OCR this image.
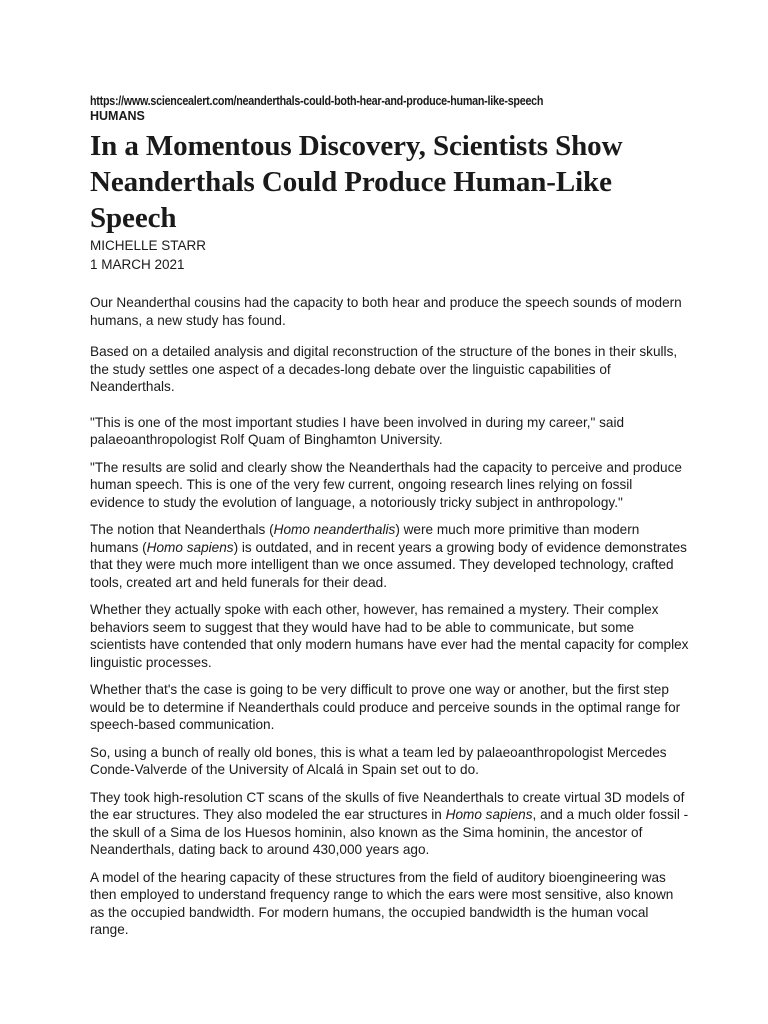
https://www.sciencealert.com/neanderthals-could-both-hear-and-produce-human-like-speech
HUMANS
In a Momentous Discovery, Scientists Show
Neanderthals Could Produce Human-Like
Speech
MICHELLE STARR
1 MARCH 2021

Our Neanderthal cousins had the capacity to both hear and produce the speech sounds of modern humans, a new study has found.

Based on a detailed analysis and digital reconstruction of the structure of the bones in their skulls, the study settles one aspect of a decades-long debate over the linguistic capabilities of Neanderthals.

"This is one of the most important studies I have been involved in during my career," said palaeoanthropologist Rolf Quam of Binghamton University.

"The results are solid and clearly show the Neanderthals had the capacity to perceive and produce human speech. This is one of the very few current, ongoing research lines relying on fossil evidence to study the evolution of language, a notoriously tricky subject in anthropology."

The notion that Neanderthals (Homo neanderthalis) were much more primitive than modern humans (Homo sapiens) is outdated, and in recent years a growing body of evidence demonstrates that they were much more intelligent than we once assumed. They developed technology, crafted tools, created art and held funerals for their dead.

Whether they actually spoke with each other, however, has remained a mystery. Their complex behaviors seem to suggest that they would have had to be able to communicate, but some scientists have contended that only modern humans have ever had the mental capacity for complex linguistic processes.

Whether that's the case is going to be very difficult to prove one way or another, but the first step would be to determine if Neanderthals could produce and perceive sounds in the optimal range for speech-based communication.

So, using a bunch of really old bones, this is what a team led by palaeoanthropologist Mercedes Conde-Valverde of the University of Alcalá in Spain set out to do.

They took high-resolution CT scans of the skulls of five Neanderthals to create virtual 3D models of the ear structures. They also modeled the ear structures in Homo sapiens, and a much older fossil - the skull of a Sima de los Huesos hominin, also known as the Sima hominin, the ancestor of Neanderthals, dating back to around 430,000 years ago.

A model of the hearing capacity of these structures from the field of auditory bioengineering was then employed to understand frequency range to which the ears were most sensitive, also known as the occupied bandwidth. For modern humans, the occupied bandwidth is the human vocal range.
